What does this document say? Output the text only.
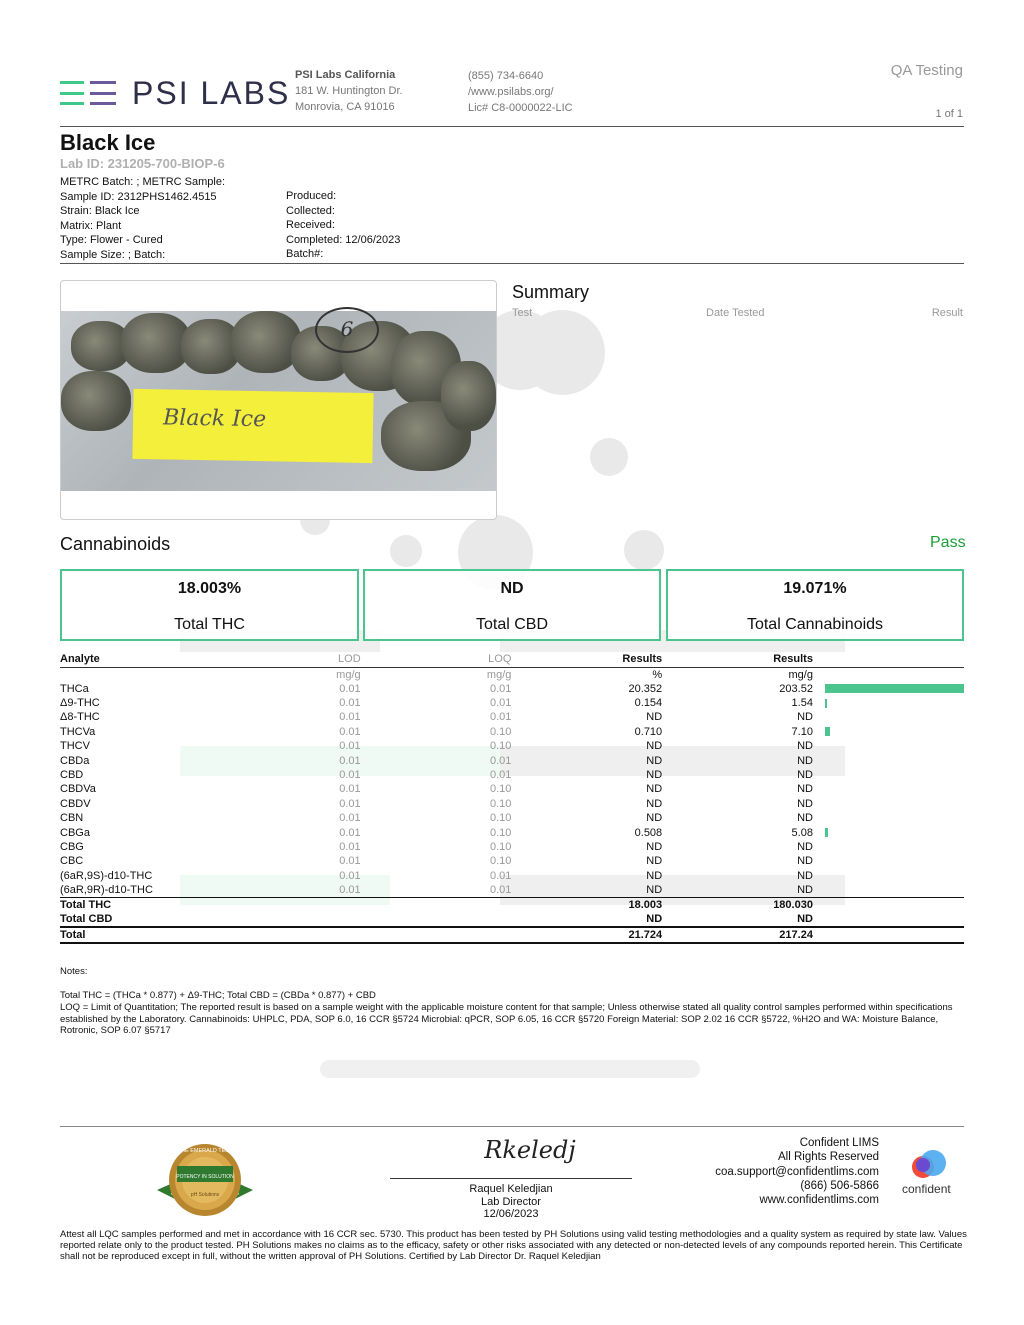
PSI LABS PSI Labs California
181 W. Huntington Dr.
Monrovia, CA 91016
(855) 734-6640
/www.psilabs.org/
Lic# C8-0000022-LIC
QA Testing
1 of 1
Black Ice
Lab ID: 231205-700-BIOP-6
METRC Batch: ; METRC Sample:
Sample ID: 2312PHS1462.4515
Strain: Black Ice
Matrix: Plant
Type: Flower - Cured
Sample Size: ; Batch:
Produced:
Collected:
Received:
Completed: 12/06/2023
Batch#:
Black Ice
6
Summary
Test	Date Tested	Result
Cannabinoids	Pass
18.003%
Total THC
ND
Total CBD
19.071%
Total Cannabinoids
Analyte	LOD	LOQ	Results	Results	
	mg/g	mg/g	%	mg/g	
THCa	0.01	0.01	20.352	203.52	
Δ9-THC	0.01	0.01	0.154	1.54	
Δ8-THC	0.01	0.01	ND	ND	
THCVa	0.01	0.10	0.710	7.10	
THCV	0.01	0.10	ND	ND	
CBDa	0.01	0.01	ND	ND	
CBD	0.01	0.01	ND	ND	
CBDVa	0.01	0.10	ND	ND	
CBDV	0.01	0.10	ND	ND	
CBN	0.01	0.10	ND	ND	
CBGa	0.01	0.10	0.508	5.08	
CBG	0.01	0.10	ND	ND	
CBC	0.01	0.10	ND	ND	
(6aR,9S)-d10-THC	0.01	0.01	ND	ND	
(6aR,9R)-d10-THC	0.01	0.01	ND	ND	
Total THC			18.003	180.030	
Total CBD			ND	ND	
Total			21.724	217.24	
Notes:
Total THC = (THCa * 0.877) + Δ9-THC; Total CBD = (CBDa * 0.877) + CBD
LOQ = Limit of Quantitation; The reported result is based on a sample weight with the applicable moisture content for that sample; Unless otherwise stated all quality control samples performed within specifications established by the Laboratory. Cannabinoids: UHPLC, PDA, SOP 6.0, 16 CCR §5724 Microbial: qPCR, SOP 6.05, 16 CCR §5720 Foreign Material: SOP 2.02 16 CCR §5722, %H2O and WA: Moisture Balance, Rotronic, SOP 6.07 §5717
THE EMERALD TEST
POTENCY IN SOLUTION
pH Solutions
Rkeledj
Raquel Keledjian
Lab Director
12/06/2023
Confident LIMS
All Rights Reserved
coa.support@confidentlims.com
(866) 506-5866
www.confidentlims.com
confident
Attest all LQC samples performed and met in accordance with 16 CCR sec. 5730. This product has been tested by PH Solutions using valid testing methodologies and a quality system as required by state law. Values reported relate only to the product tested. PH Solutions makes no claims as to the efficacy, safety or other risks associated with any detected or non-detected levels of any compounds reported herein. This Certificate shall not be reproduced except in full, without the written approval of PH Solutions. Certified by Lab Director Dr. Raquel Keledjian
